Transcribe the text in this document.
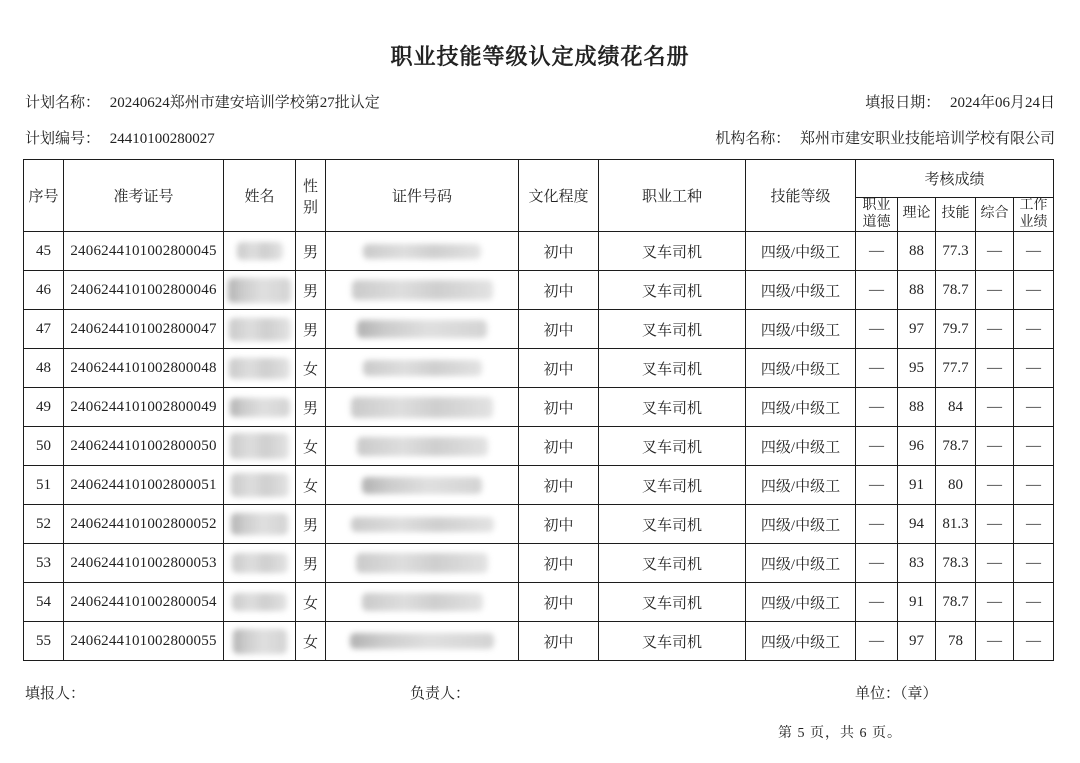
职业技能等级认定成绩花名册
计划名称： 20240624郑州市建安培训学校第27批认定	填报日期： 2024年06月24日
计划编号： 24410100280027	机构名称： 郑州市建安职业技能培训学校有限公司
序号	准考证号	姓名	性别	证件号码	文化程度	职业工种	技能等级	考核成绩				
								职业道德	理论	技能	综合	工作业绩
45	2406244101002800045		男		初中	叉车司机	四级/中级工	—	88	77.3	—	—
46	2406244101002800046		男		初中	叉车司机	四级/中级工	—	88	78.7	—	—
47	2406244101002800047		男		初中	叉车司机	四级/中级工	—	97	79.7	—	—
48	2406244101002800048		女		初中	叉车司机	四级/中级工	—	95	77.7	—	—
49	2406244101002800049		男		初中	叉车司机	四级/中级工	—	88	84	—	—
50	2406244101002800050		女		初中	叉车司机	四级/中级工	—	96	78.7	—	—
51	2406244101002800051		女		初中	叉车司机	四级/中级工	—	91	80	—	—
52	2406244101002800052		男		初中	叉车司机	四级/中级工	—	94	81.3	—	—
53	2406244101002800053		男		初中	叉车司机	四级/中级工	—	83	78.3	—	—
54	2406244101002800054		女		初中	叉车司机	四级/中级工	—	91	78.7	—	—
55	2406244101002800055		女		初中	叉车司机	四级/中级工	—	97	78	—	—
填报人：	负责人：	单位：（章）
第 5 页，共 6 页。
